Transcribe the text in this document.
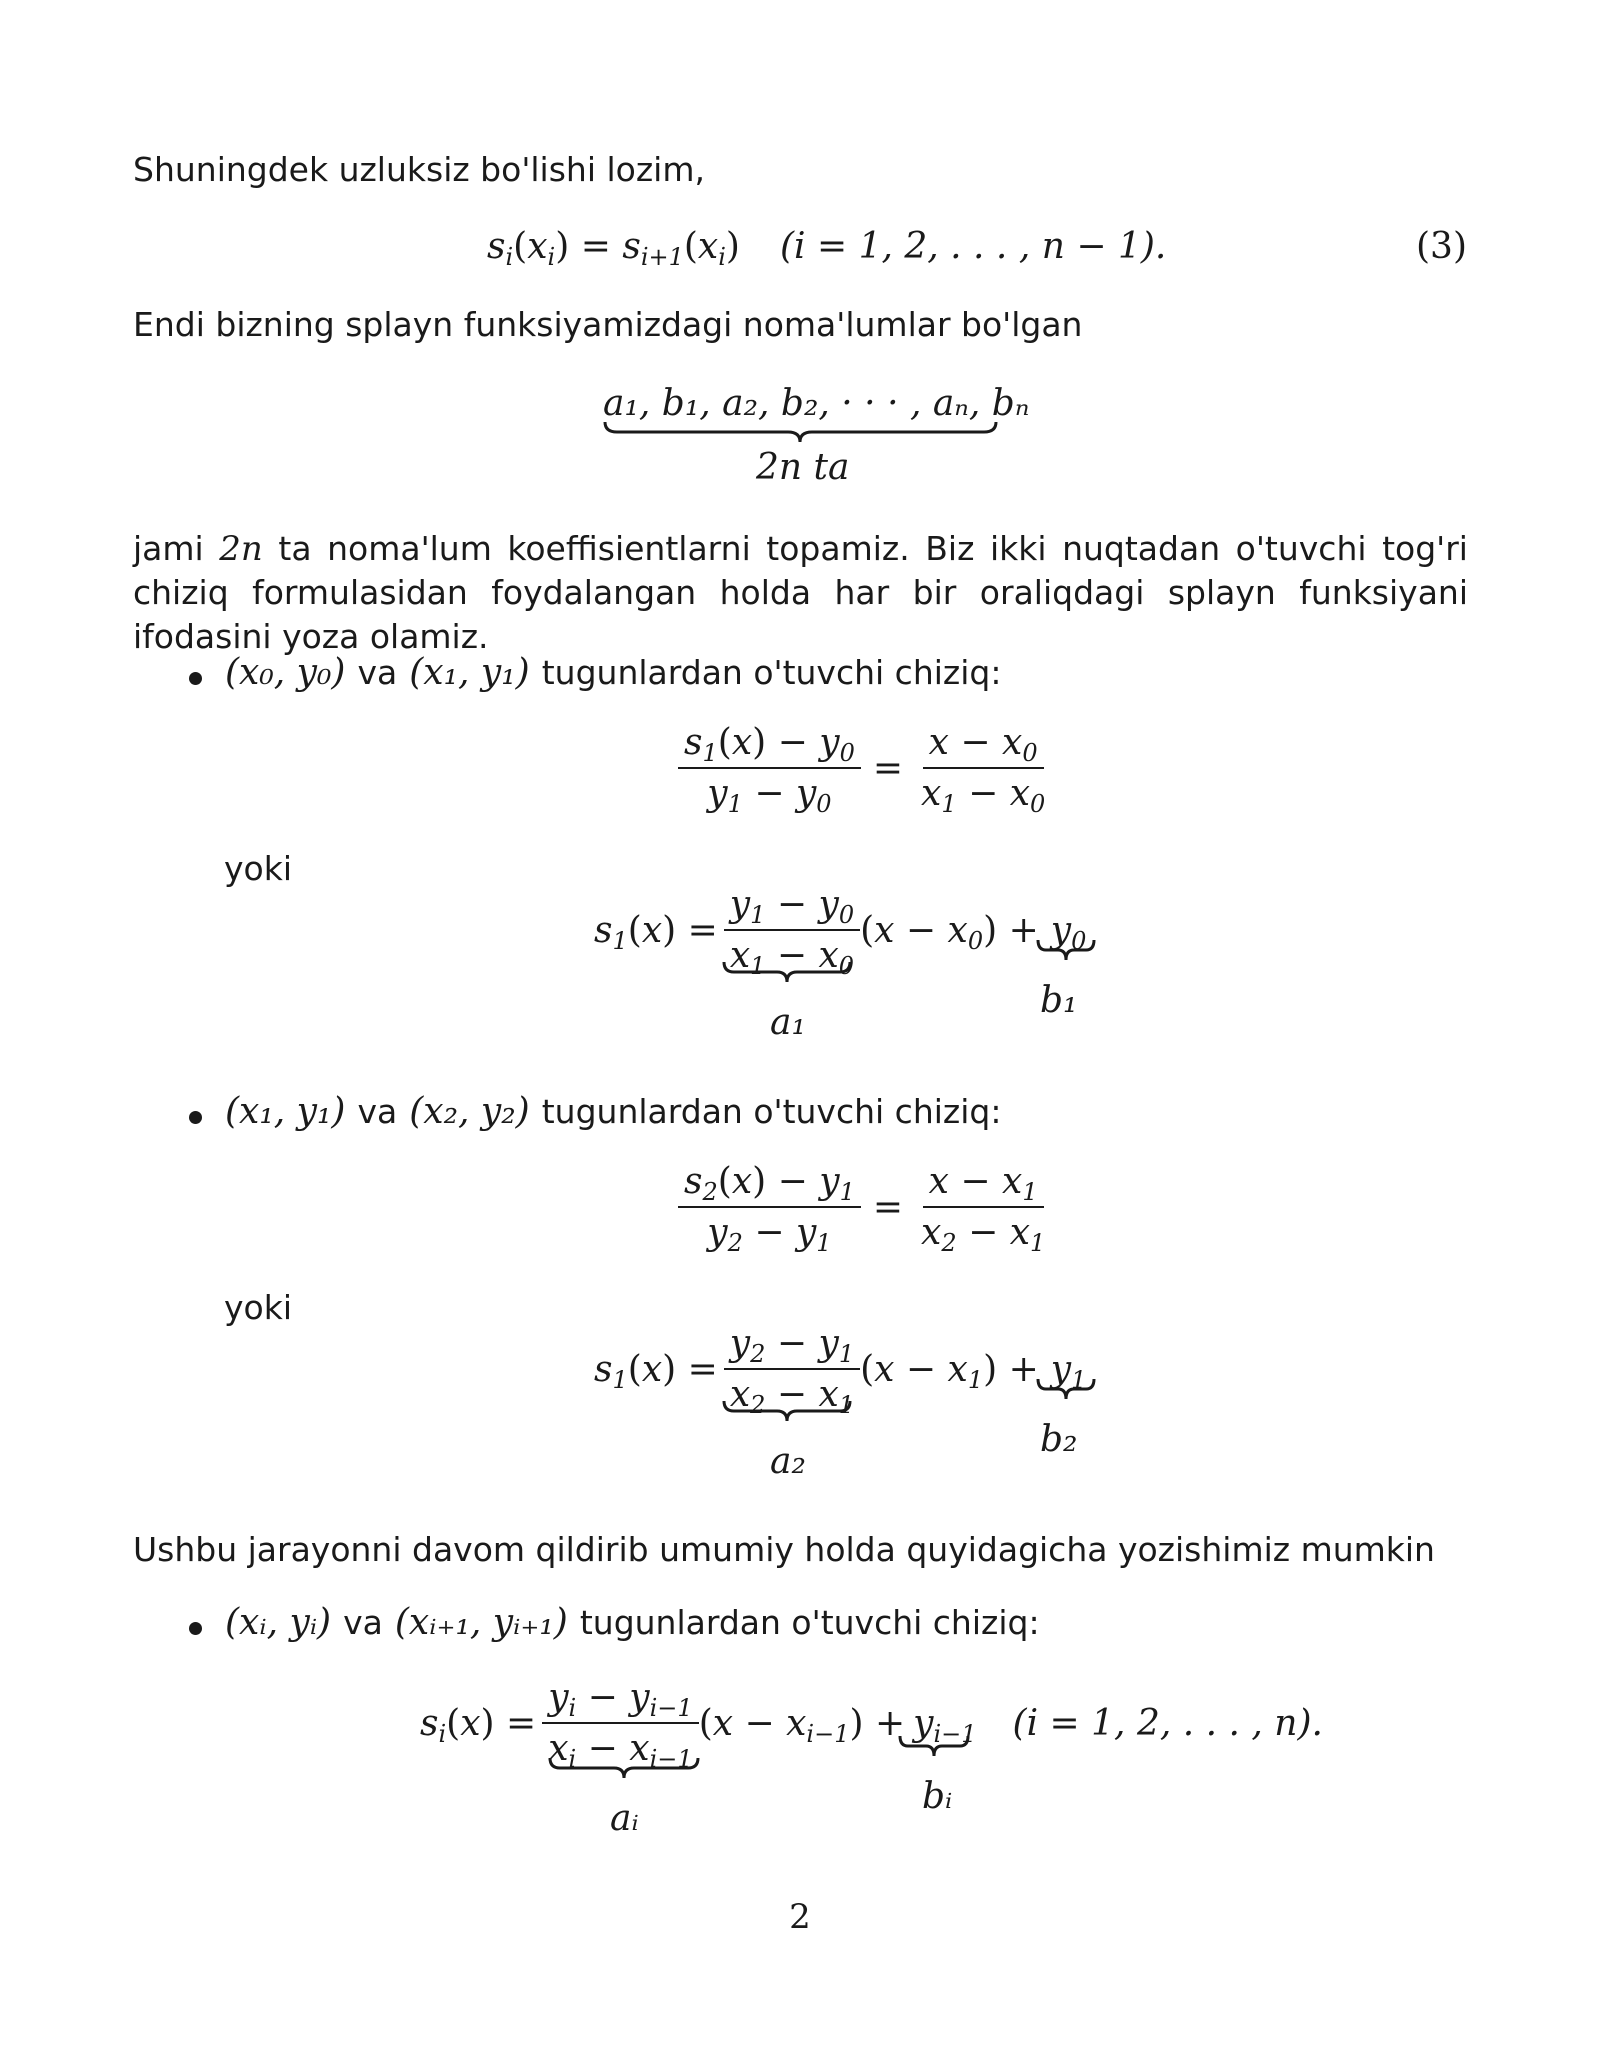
Shuningdek uzluksiz bo'lishi lozim,
$s_i(x_i) = s_{i+1}(x_i) (i = 1$, 2, . . . , n − 1).	(3)
Endi bizning splayn funksiyamizdagi noma'lumlar bo'lgan
a₁, b₁, a₂, b₂, · · · , aₙ, bₙ
2n ta
jami 2n ta noma'lum koeffisientlarni topamiz. Biz ikki nuqtadan o'tuvchi tog'ri chiziq formulasidan foydalangan holda har bir oraliqdagi splayn funksiyani ifodasini yoza olamiz.
(x₀, y₀) va (x₁, y₁) tugunlardan o'tuvchi chiziq:
$\frac{s_1(x) - y_0}{y_1 - y_0} = \frac{x - x_0}{x_1 - x_0}$
yoki
$s_1(x) = \frac{y_1 - y_0}{x_1 - x_0} (x - x_0) + y_0$
a₁
b₁
(x₁, y₁) va (x₂, y₂) tugunlardan o'tuvchi chiziq:
$\frac{s_2(x) - y_1}{y_2 - y_1} = \frac{x - x_1}{x_2 - x_1}$
yoki
$s_1(x) = \frac{y_2 - y_1}{x_2 - x_1} (x - x_1) + y_1$
a₂
b₂
Ushbu jarayonni davom qildirib umumiy holda quyidagicha yozishimiz mumkin
(xᵢ, yᵢ) va (xᵢ₊₁, yᵢ₊₁) tugunlardan o'tuvchi chiziq:
$s_i(x) = \frac{y_i - y_{i-1}}{x_i - x_{i-1}} (x - x_{i-1}) + y_{i-1}$ (i = 1, 2, . . . , n).
aᵢ
bᵢ
2
